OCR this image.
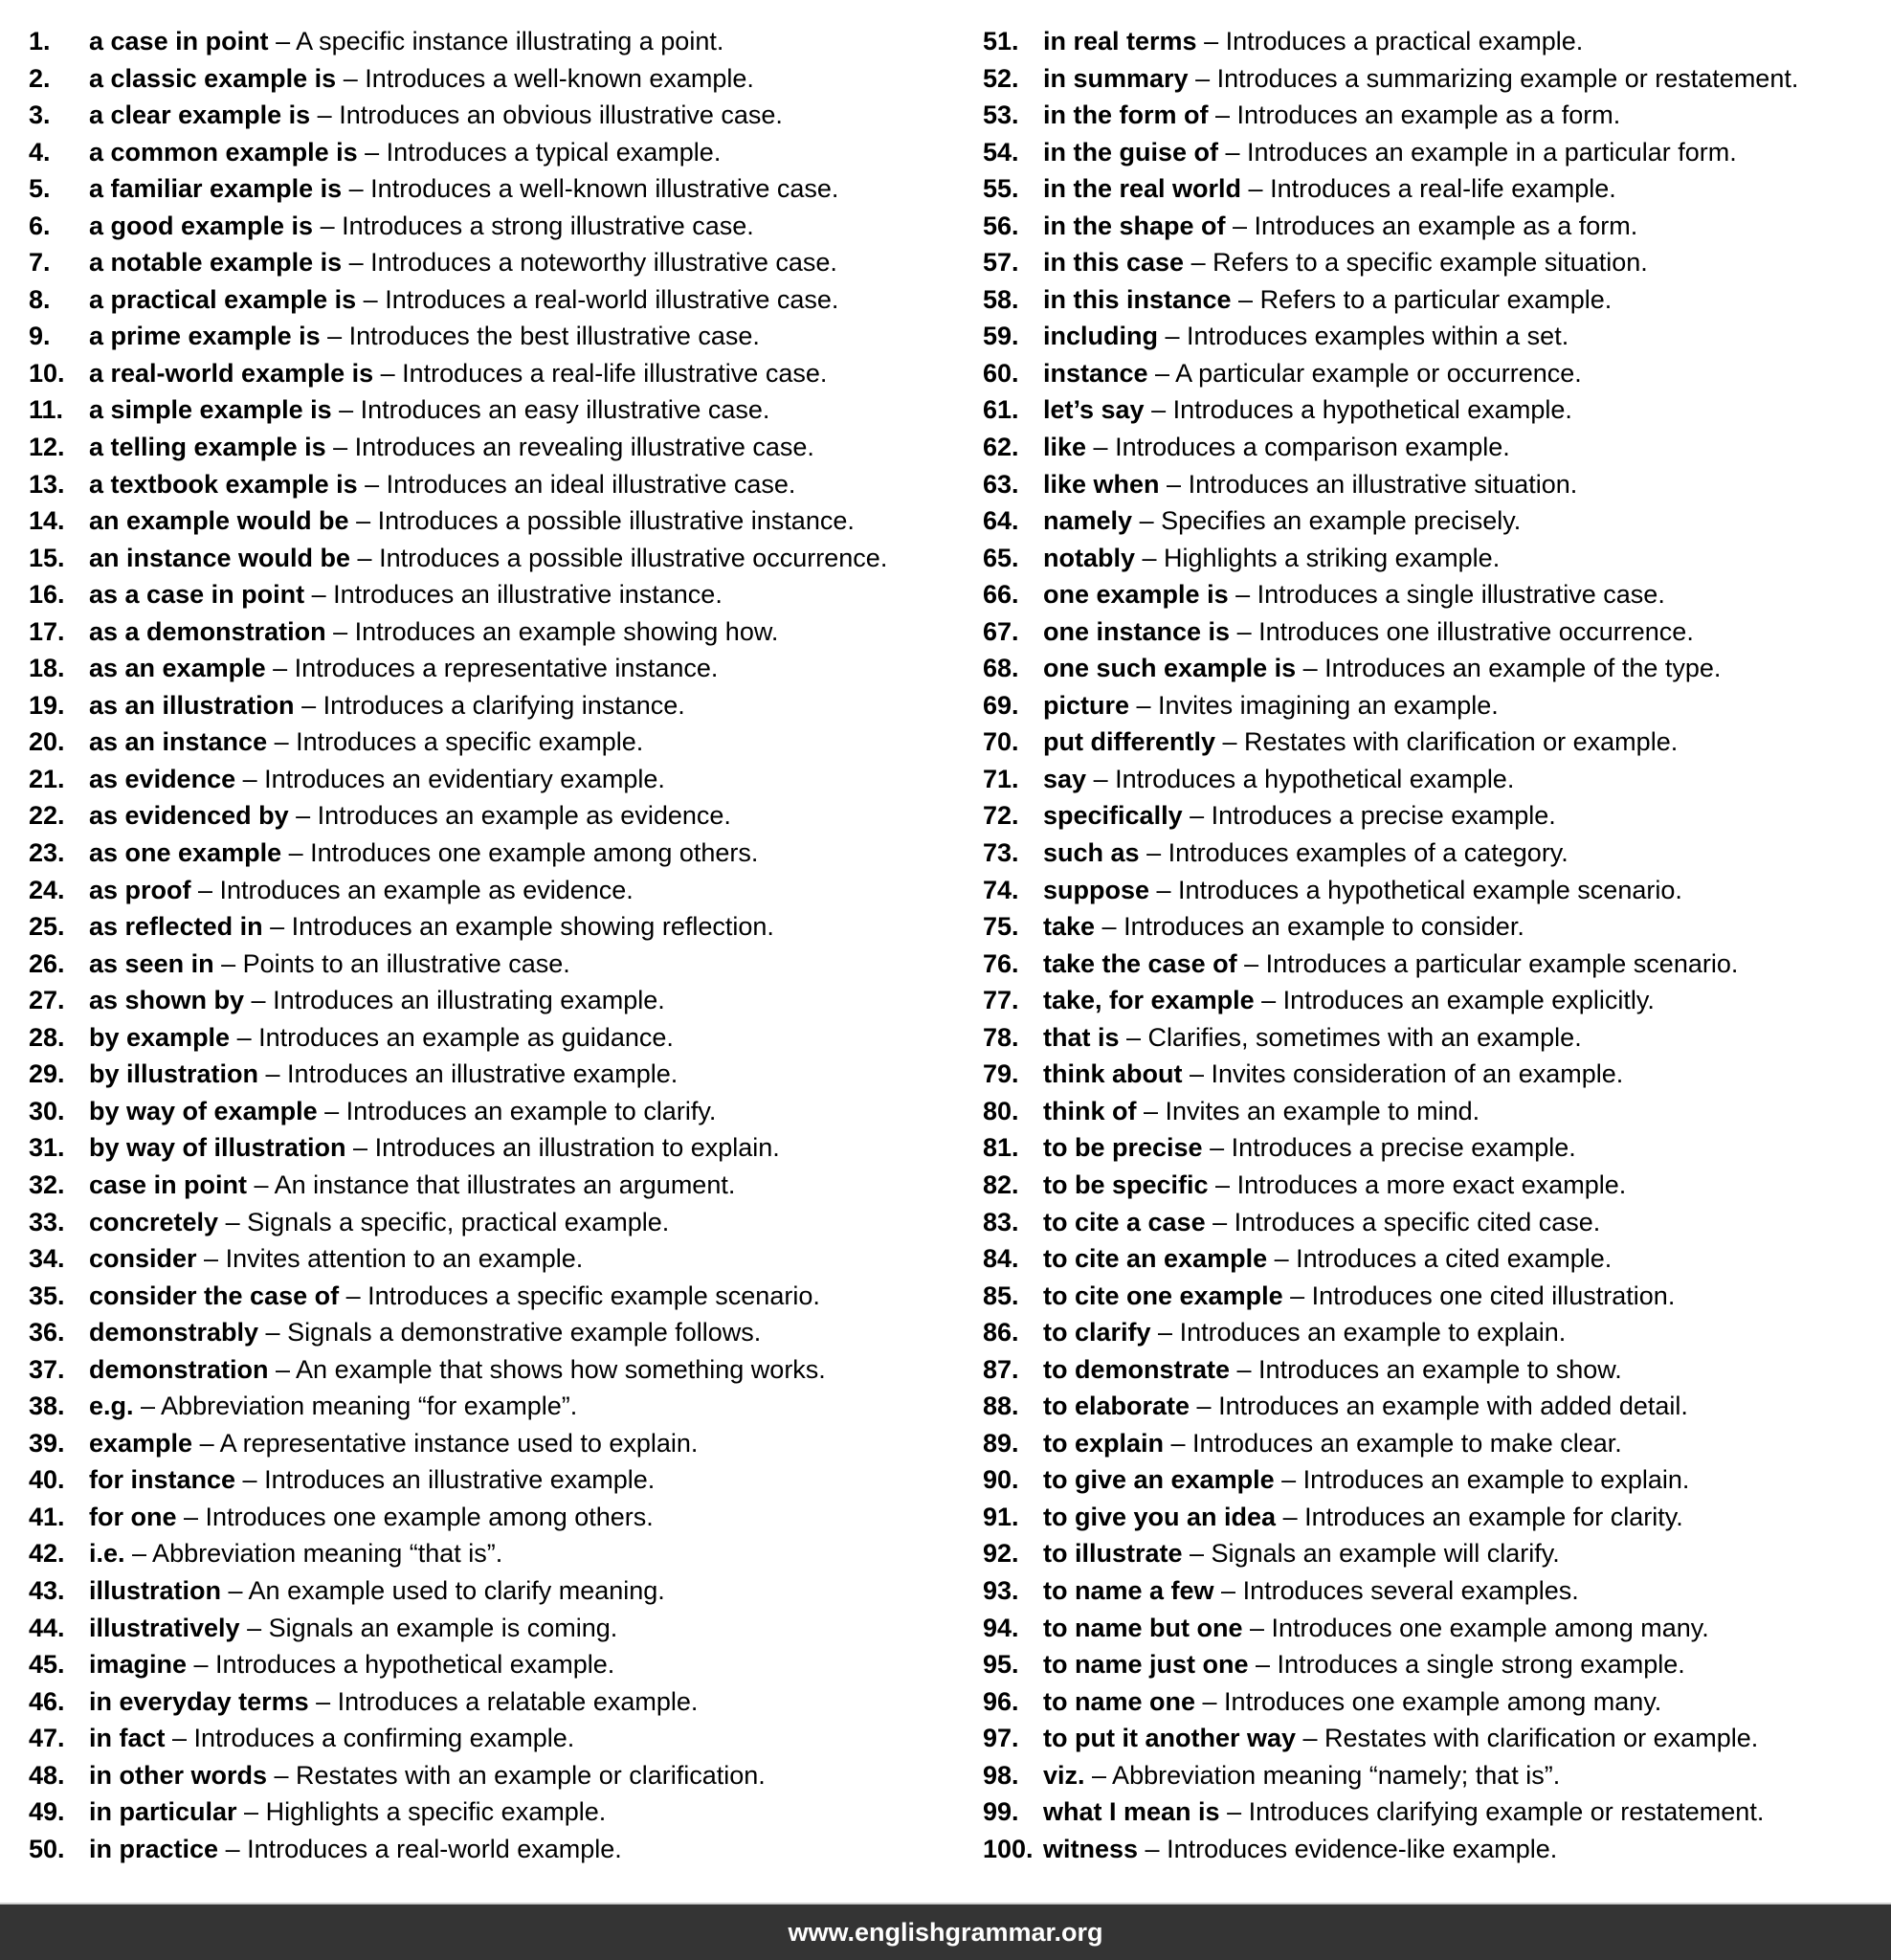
1.	a case in point – A specific instance illustrating a point.
2.	a classic example is – Introduces a well-known example.
3.	a clear example is – Introduces an obvious illustrative case.
4.	a common example is – Introduces a typical example.
5.	a familiar example is – Introduces a well-known illustrative case.
6.	a good example is – Introduces a strong illustrative case.
7.	a notable example is – Introduces a noteworthy illustrative case.
8.	a practical example is – Introduces a real-world illustrative case.
9.	a prime example is – Introduces the best illustrative case.
10. a real-world example is – Introduces a real-life illustrative case.
11. a simple example is – Introduces an easy illustrative case.
12. a telling example is – Introduces an revealing illustrative case.
13. a textbook example is – Introduces an ideal illustrative case.
14. an example would be – Introduces a possible illustrative instance.
15. an instance would be – Introduces a possible illustrative occurrence.
16. as a case in point – Introduces an illustrative instance.
17. as a demonstration – Introduces an example showing how.
18. as an example – Introduces a representative instance.
19. as an illustration – Introduces a clarifying instance.
20. as an instance – Introduces a specific example.
21. as evidence – Introduces an evidentiary example.
22. as evidenced by – Introduces an example as evidence.
23. as one example – Introduces one example among others.
24. as proof – Introduces an example as evidence.
25. as reflected in – Introduces an example showing reflection.
26. as seen in – Points to an illustrative case.
27. as shown by – Introduces an illustrating example.
28. by example – Introduces an example as guidance.
29. by illustration – Introduces an illustrative example.
30. by way of example – Introduces an example to clarify.
31. by way of illustration – Introduces an illustration to explain.
32. case in point – An instance that illustrates an argument.
33. concretely – Signals a specific, practical example.
34. consider – Invites attention to an example.
35. consider the case of – Introduces a specific example scenario.
36. demonstrably – Signals a demonstrative example follows.
37. demonstration – An example that shows how something works.
38. e.g. – Abbreviation meaning “for example”.
39. example – A representative instance used to explain.
40. for instance – Introduces an illustrative example.
41. for one – Introduces one example among others.
42. i.e. – Abbreviation meaning “that is”.
43. illustration – An example used to clarify meaning.
44. illustratively – Signals an example is coming.
45. imagine – Introduces a hypothetical example.
46. in everyday terms – Introduces a relatable example.
47. in fact – Introduces a confirming example.
48. in other words – Restates with an example or clarification.
49. in particular – Highlights a specific example.
50. in practice – Introduces a real-world example.
51. in real terms – Introduces a practical example.
52. in summary – Introduces a summarizing example or restatement.
53. in the form of – Introduces an example as a form.
54. in the guise of – Introduces an example in a particular form.
55. in the real world – Introduces a real-life example.
56. in the shape of – Introduces an example as a form.
57. in this case – Refers to a specific example situation.
58. in this instance – Refers to a particular example.
59. including – Introduces examples within a set.
60. instance – A particular example or occurrence.
61. let’s say – Introduces a hypothetical example.
62. like – Introduces a comparison example.
63. like when – Introduces an illustrative situation.
64. namely – Specifies an example precisely.
65. notably – Highlights a striking example.
66. one example is – Introduces a single illustrative case.
67. one instance is – Introduces one illustrative occurrence.
68. one such example is – Introduces an example of the type.
69. picture – Invites imagining an example.
70. put differently – Restates with clarification or example.
71. say – Introduces a hypothetical example.
72. specifically – Introduces a precise example.
73. such as – Introduces examples of a category.
74. suppose – Introduces a hypothetical example scenario.
75. take – Introduces an example to consider.
76. take the case of – Introduces a particular example scenario.
77. take, for example – Introduces an example explicitly.
78. that is – Clarifies, sometimes with an example.
79. think about – Invites consideration of an example.
80. think of – Invites an example to mind.
81. to be precise – Introduces a precise example.
82. to be specific – Introduces a more exact example.
83. to cite a case – Introduces a specific cited case.
84. to cite an example – Introduces a cited example.
85. to cite one example – Introduces one cited illustration.
86. to clarify – Introduces an example to explain.
87. to demonstrate – Introduces an example to show.
88. to elaborate – Introduces an example with added detail.
89. to explain – Introduces an example to make clear.
90. to give an example – Introduces an example to explain.
91. to give you an idea – Introduces an example for clarity.
92. to illustrate – Signals an example will clarify.
93. to name a few – Introduces several examples.
94. to name but one – Introduces one example among many.
95. to name just one – Introduces a single strong example.
96. to name one – Introduces one example among many.
97. to put it another way – Restates with clarification or example.
98. viz. – Abbreviation meaning “namely; that is”.
99. what I mean is – Introduces clarifying example or restatement.
100. witness – Introduces evidence-like example.
www.englishgrammar.org
